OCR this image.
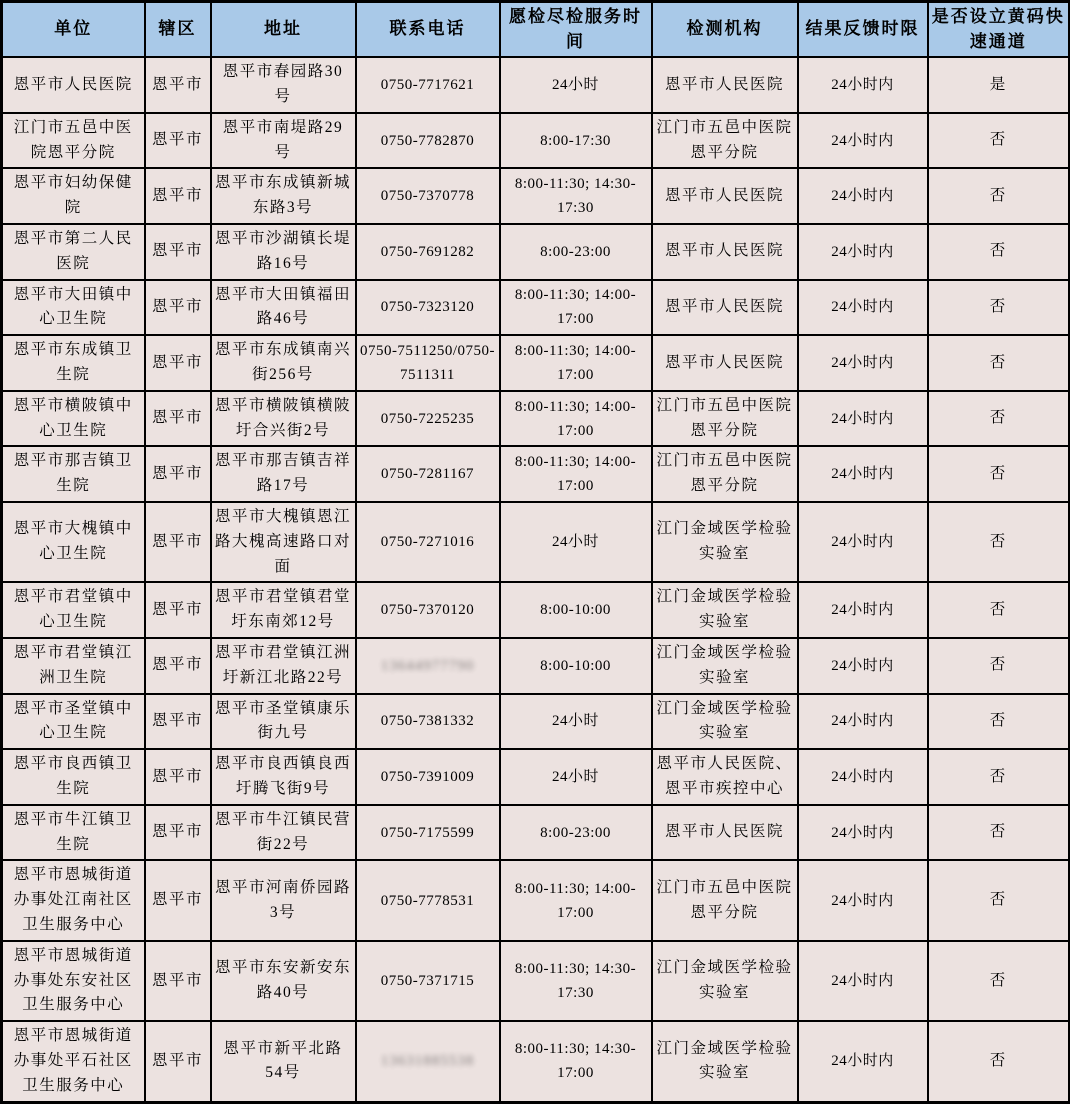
单位	辖区	地址	联系电话	愿检尽检服务时间	检测机构	结果反馈时限	是否设立黄码快速通道
恩平市人民医院	恩平市	恩平市春园路30号	0750-7717621	24小时	恩平市人民医院	24小时内	是
江门市五邑中医院恩平分院	恩平市	恩平市南堤路29号	0750-7782870	8:00-17:30	江门市五邑中医院恩平分院	24小时内	否
恩平市妇幼保健院	恩平市	恩平市东成镇新城东路3号	0750-7370778	8:00-11:30; 14:30-17:30	恩平市人民医院	24小时内	否
恩平市第二人民医院	恩平市	恩平市沙湖镇长堤路16号	0750-7691282	8:00-23:00	恩平市人民医院	24小时内	否
恩平市大田镇中心卫生院	恩平市	恩平市大田镇福田路46号	0750-7323120	8:00-11:30; 14:00-17:00	恩平市人民医院	24小时内	否
恩平市东成镇卫生院	恩平市	恩平市东成镇南兴街256号	0750-7511250/0750-7511311	8:00-11:30; 14:00-17:00	恩平市人民医院	24小时内	否
恩平市横陂镇中心卫生院	恩平市	恩平市横陂镇横陂圩合兴街2号	0750-7225235	8:00-11:30; 14:00-17:00	江门市五邑中医院恩平分院	24小时内	否
恩平市那吉镇卫生院	恩平市	恩平市那吉镇吉祥路17号	0750-7281167	8:00-11:30; 14:00-17:00	江门市五邑中医院恩平分院	24小时内	否
恩平市大槐镇中心卫生院	恩平市	恩平市大槐镇恩江路大槐高速路口对面	0750-7271016	24小时	江门金域医学检验实验室	24小时内	否
恩平市君堂镇中心卫生院	恩平市	恩平市君堂镇君堂圩东南郊12号	0750-7370120	8:00-10:00	江门金域医学检验实验室	24小时内	否
恩平市君堂镇江洲卫生院	恩平市	恩平市君堂镇江洲圩新江北路22号	13644977790	8:00-10:00	江门金域医学检验实验室	24小时内	否
恩平市圣堂镇中心卫生院	恩平市	恩平市圣堂镇康乐街九号	0750-7381332	24小时	江门金域医学检验实验室	24小时内	否
恩平市良西镇卫生院	恩平市	恩平市良西镇良西圩腾飞街9号	0750-7391009	24小时	恩平市人民医院、恩平市疾控中心	24小时内	否
恩平市牛江镇卫生院	恩平市	恩平市牛江镇民营街22号	0750-7175599	8:00-23:00	恩平市人民医院	24小时内	否
恩平市恩城街道办事处江南社区卫生服务中心	恩平市	恩平市河南侨园路3号	0750-7778531	8:00-11:30; 14:00-17:00	江门市五邑中医院恩平分院	24小时内	否
恩平市恩城街道办事处东安社区卫生服务中心	恩平市	恩平市东安新安东路40号	0750-7371715	8:00-11:30; 14:30-17:30	江门金域医学检验实验室	24小时内	否
恩平市恩城街道办事处平石社区卫生服务中心	恩平市	恩平市新平北路54号	13631885538	8:00-11:30; 14:30-17:00	江门金域医学检验实验室	24小时内	否
